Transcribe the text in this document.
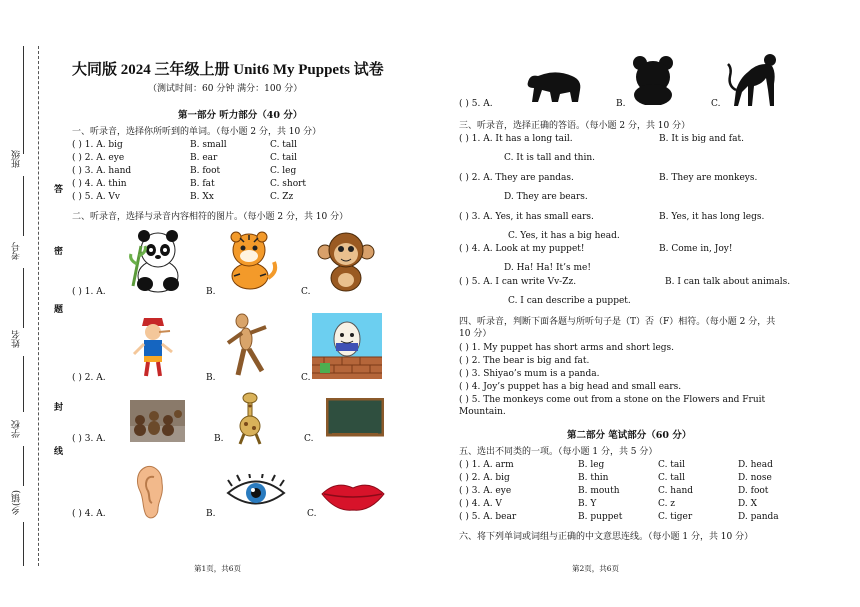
班级
考号
姓名
学校
乡(镇)
答
密
题
封
线
大同版 2024 三年级上册 Unit6 My Puppets 试卷
（测试时间：60 分钟 满分：100 分）
第一部分 听力部分（40 分）
一、听录音，选择你所听到的单词。（每小题 2 分，共 10 分）
( ) 1. A. big	B. small	C. tall
( ) 2. A. eye	B. ear	C. tail
( ) 3. A. hand	B. foot	C. leg
( ) 4. A. thin	B. fat	C. short
( ) 5. A. Vv	B. Xx	C. Zz
二、听录音，选择与录音内容相符的图片。（每小题 2 分，共 10 分）
( ) 1. A.	B.	C.
( ) 2. A.	B.	C.
( ) 3. A.	B.	C.
( ) 4. A.	B.	C.
第1页，共6页
( ) 5. A.	B.	C.
三、听录音，选择正确的答语。（每小题 2 分，共 10 分）
( ) 1. A. It has a long tail.	B. It is big and fat.
C. It is tall and thin.
( ) 2. A. They are pandas.	B. They are monkeys.
D. They are bears.
( ) 3. A. Yes, it has small ears.	B. Yes, it has long legs.
C. Yes, it has a big head.
( ) 4. A. Look at my puppet!	B. Come in, Joy!
D. Ha! Ha! It’s me!
( ) 5. A. I can write Vv-Zz.	B. I can talk about animals.
C. I can describe a puppet.
四、听录音，判断下面各题与所听句子是（T）否（F）相符。（每小题 2 分，共
10 分）
( ) 1. My puppet has short arms and short legs.
( ) 2. The bear is big and fat.
( ) 3. Shiyao’s mum is a panda.
( ) 4. Joy’s puppet has a big head and small ears.
( ) 5. The monkeys come out from a stone on the Flowers and Fruit
Mountain.
第二部分 笔试部分（60 分）
五、选出不同类的一项。（每小题 1 分，共 5 分）
( ) 1. A. arm	B. leg	C. tail	D. head
( ) 2. A. big	B. thin	C. tall	D. nose
( ) 3. A. eye	B. mouth	C. hand	D. foot
( ) 4. A. V	B. Y	C. z	D. X
( ) 5. A. bear	B. puppet	C. tiger	D. panda
六、将下列单词或词组与正确的中文意思连线。（每小题 1 分，共 10 分）
第2页，共6页
